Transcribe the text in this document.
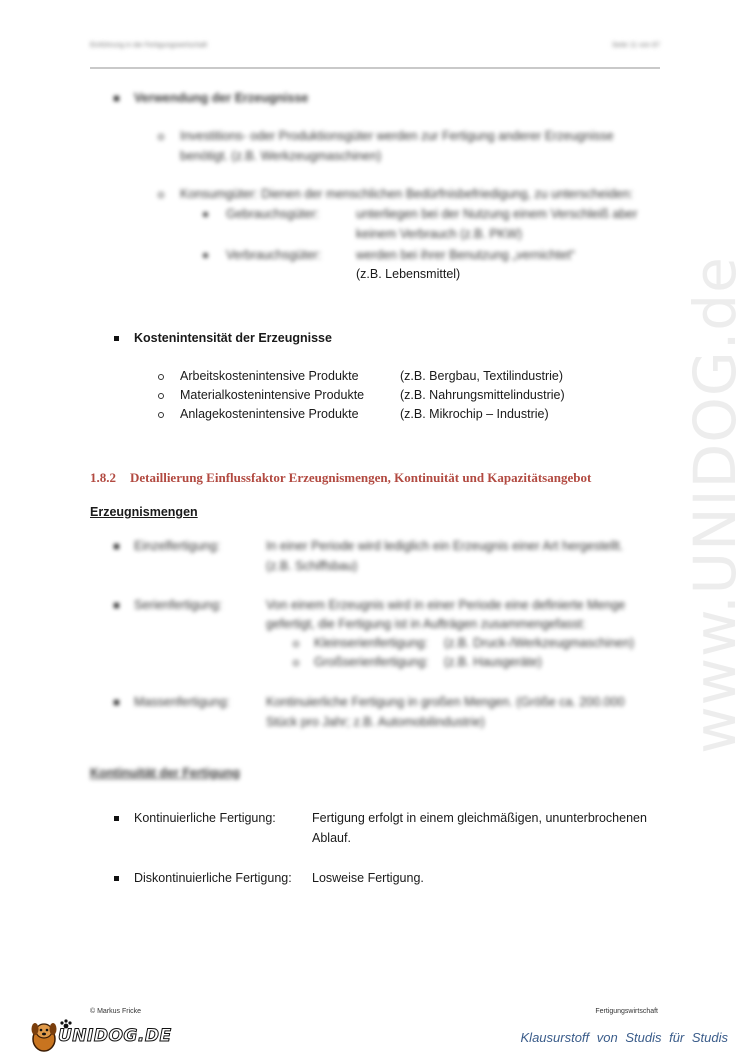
www.UNIDOG.de
Einführung in die Fertigungswirtschaft	Seite 11 von 87
Verwendung der Erzeugnisse
Investitions- oder Produktionsgüter werden zur Fertigung anderer Erzeugnisse
benötigt. (z.B. Werkzeugmaschinen)
Konsumgüter: Dienen der menschlichen Bedürfnisbefriedigung, zu unterscheiden:
Gebrauchsgüter:	unterliegen bei der Nutzung einem Verschleiß aber
keinem Verbrauch (z.B. PKW)
Verbrauchsgüter:	werden bei ihrer Benutzung „vernichtet“
(z.B. Lebensmittel)
Kostenintensität der Erzeugnisse
Arbeitskostenintensive Produkte	(z.B. Bergbau, Textilindustrie)
Materialkostenintensive Produkte	(z.B. Nahrungsmittelindustrie)
Anlagekostenintensive Produkte	(z.B. Mikrochip – Industrie)
1.8.2 Detaillierung Einflussfaktor Erzeugnismengen, Kontinuität und Kapazitätsangebot
Erzeugnismengen
Einzelfertigung:	In einer Periode wird lediglich ein Erzeugnis einer Art hergestellt.
(z.B. Schiffsbau)
Serienfertigung:	Von einem Erzeugnis wird in einer Periode eine definierte Menge
gefertigt, die Fertigung ist in Aufträgen zusammengefasst:
Kleinserienfertigung: (z.B. Druck-/Werkzeugmaschinen)
Großserienfertigung: (z.B. Hausgeräte)
Massenfertigung:	Kontinuierliche Fertigung in großen Mengen. (Größe ca. 200.000
Stück pro Jahr; z.B. Automobilindustrie)
Kontinuität der Fertigung
Kontinuierliche Fertigung:	Fertigung erfolgt in einem gleichmäßigen, ununterbrochenen
Ablauf.
Diskontinuierliche Fertigung: Losweise Fertigung.
© Markus Fricke	Fertigungswirtschaft
UNIDOG.DE	Klausurstoff von Studis für Studis
